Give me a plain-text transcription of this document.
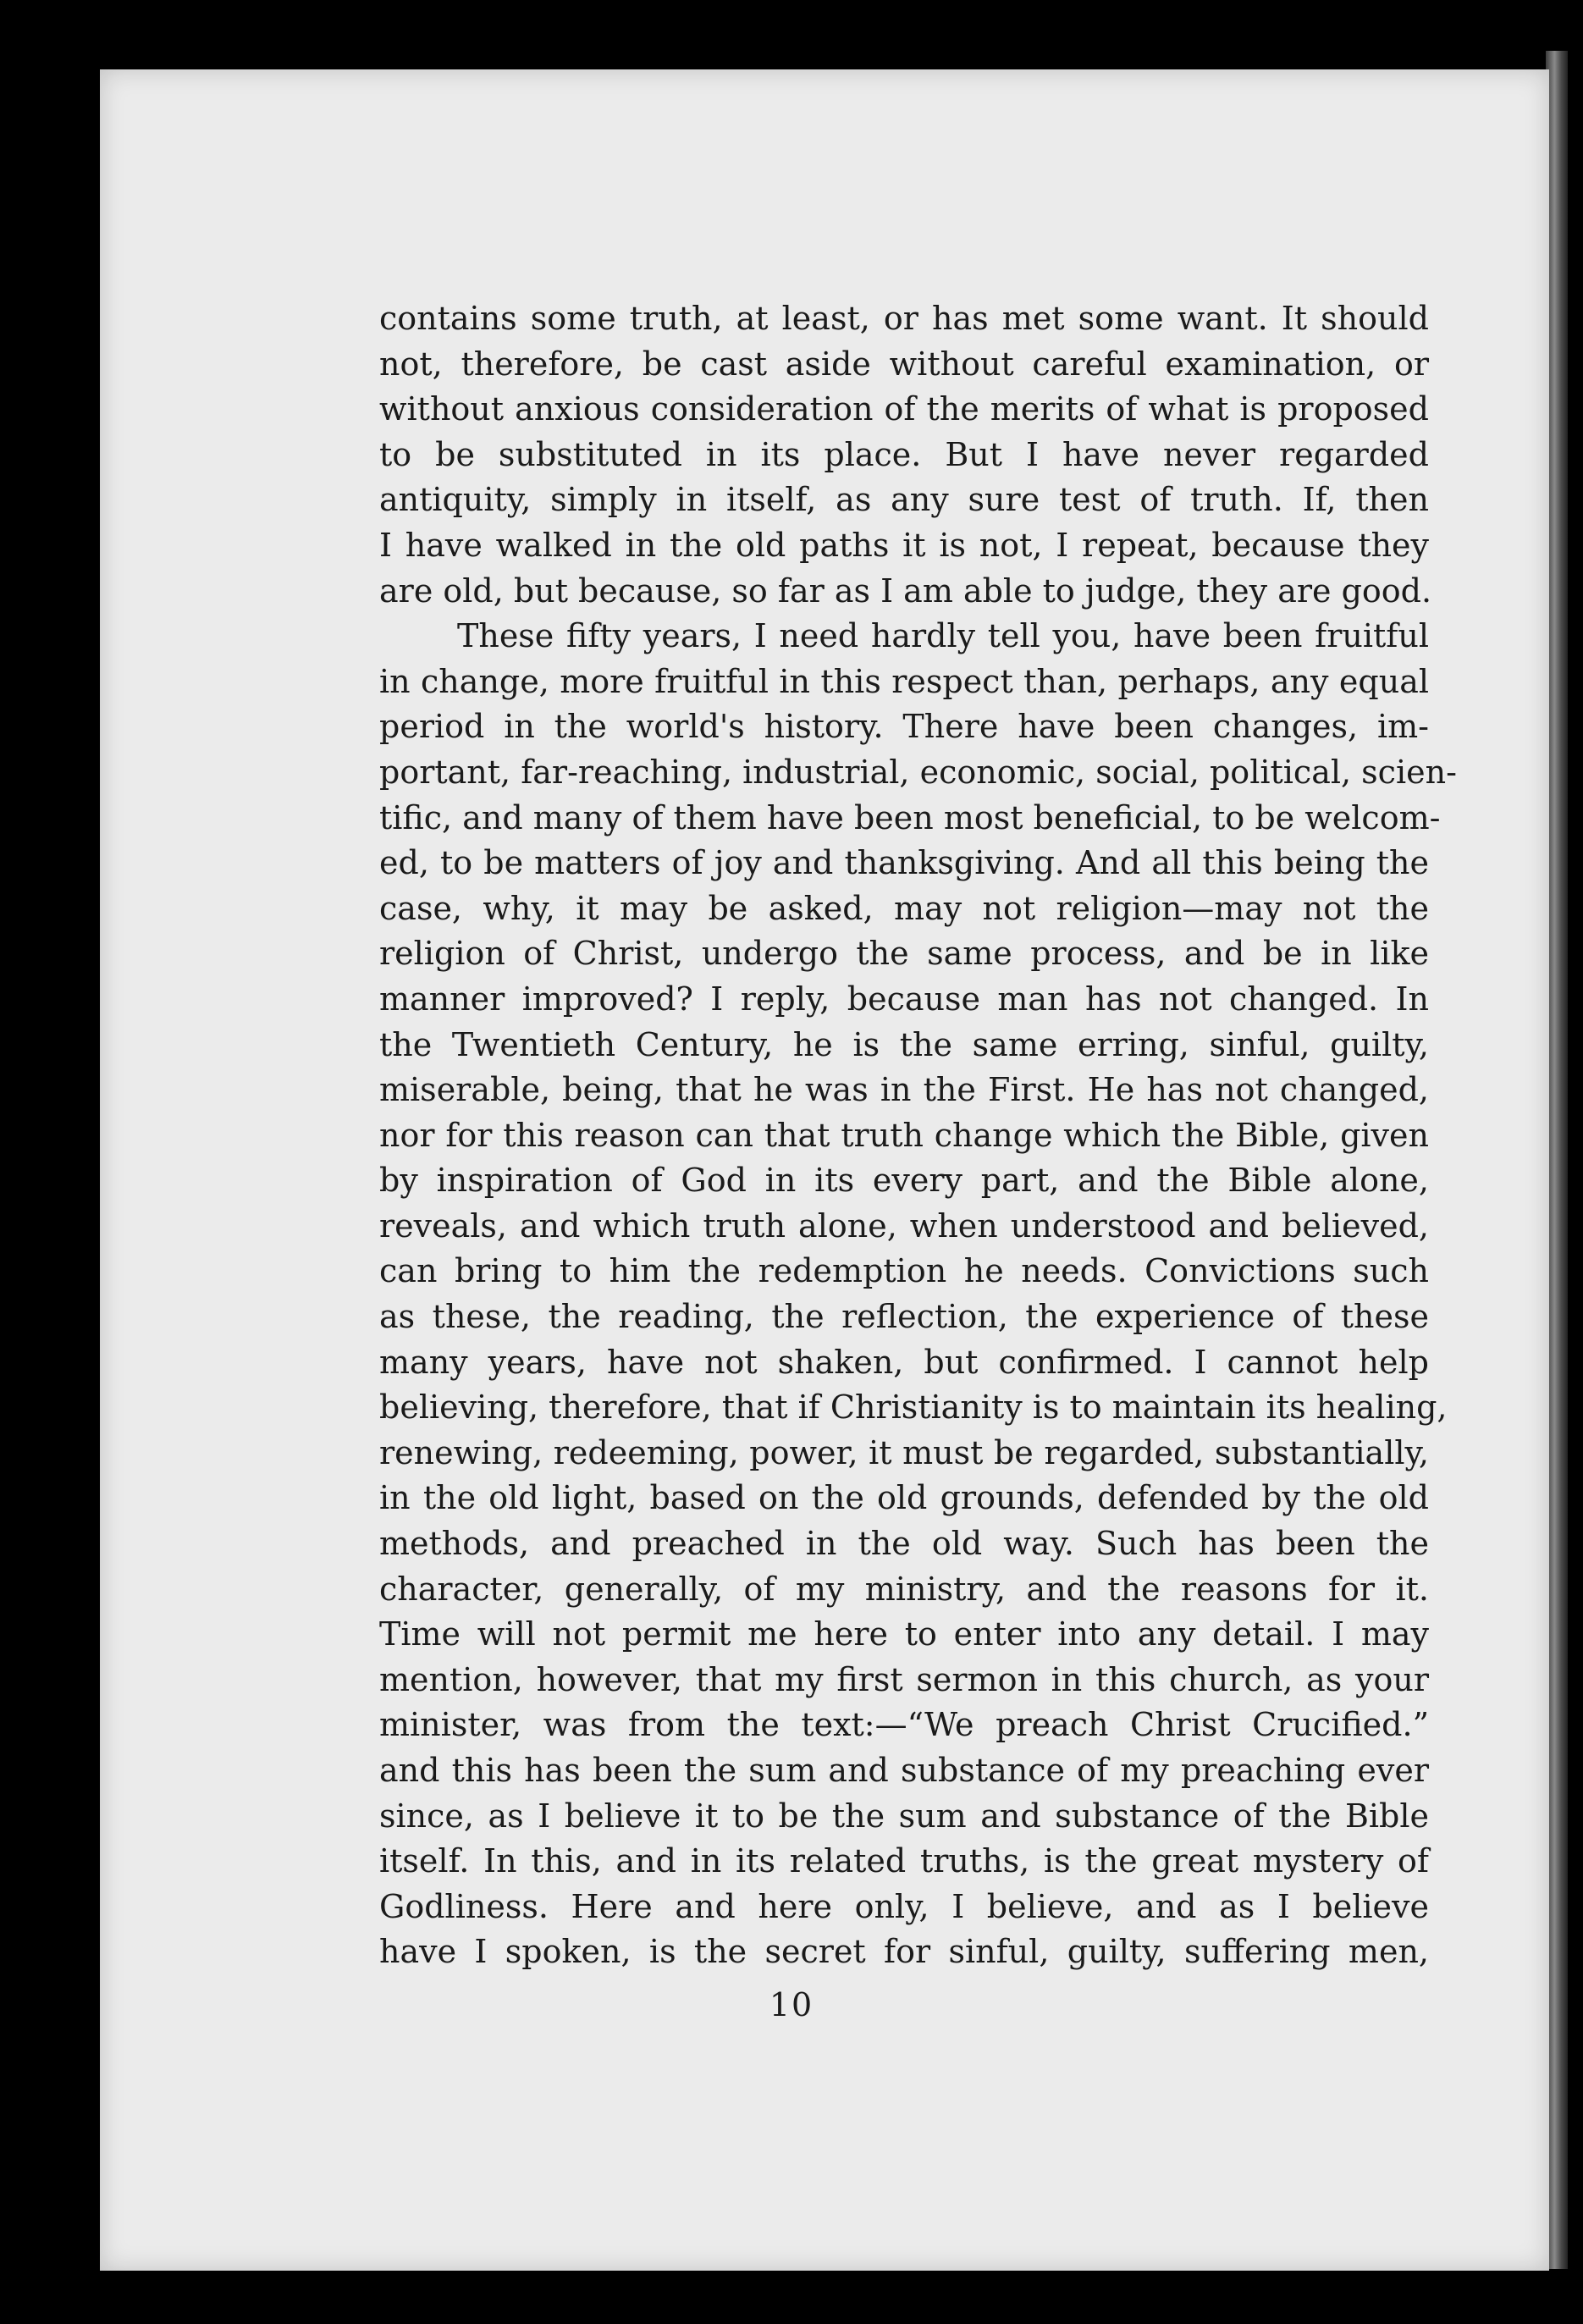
contains some truth, at least, or has met some want. It should
not, therefore, be cast aside without careful examination, or
without anxious consideration of the merits of what is proposed
to be substituted in its place. But I have never regarded
antiquity, simply in itself, as any sure test of truth. If, then
I have walked in the old paths it is not, I repeat, because they
are old, but because, so far as I am able to judge, they are good.
These fifty years, I need hardly tell you, have been fruitful
in change, more fruitful in this respect than, perhaps, any equal
period in the world's history. There have been changes, im-
portant, far-reaching, industrial, economic, social, political, scien-
tific, and many of them have been most beneficial, to be welcom-
ed, to be matters of joy and thanksgiving. And all this being the
case, why, it may be asked, may not religion—may not the
religion of Christ, undergo the same process, and be in like
manner improved? I reply, because man has not changed. In
the Twentieth Century, he is the same erring, sinful, guilty,
miserable, being, that he was in the First. He has not changed,
nor for this reason can that truth change which the Bible, given
by inspiration of God in its every part, and the Bible alone,
reveals, and which truth alone, when understood and believed,
can bring to him the redemption he needs. Convictions such
as these, the reading, the reflection, the experience of these
many years, have not shaken, but confirmed. I cannot help
believing, therefore, that if Christianity is to maintain its healing,
renewing, redeeming, power, it must be regarded, substantially,
in the old light, based on the old grounds, defended by the old
methods, and preached in the old way. Such has been the
character, generally, of my ministry, and the reasons for it.
Time will not permit me here to enter into any detail. I may
mention, however, that my first sermon in this church, as your
minister, was from the text:—“We preach Christ Crucified.”
and this has been the sum and substance of my preaching ever
since, as I believe it to be the sum and substance of the Bible
itself. In this, and in its related truths, is the great mystery of
Godliness. Here and here only, I believe, and as I believe
have I spoken, is the secret for sinful, guilty, suffering men,
10
